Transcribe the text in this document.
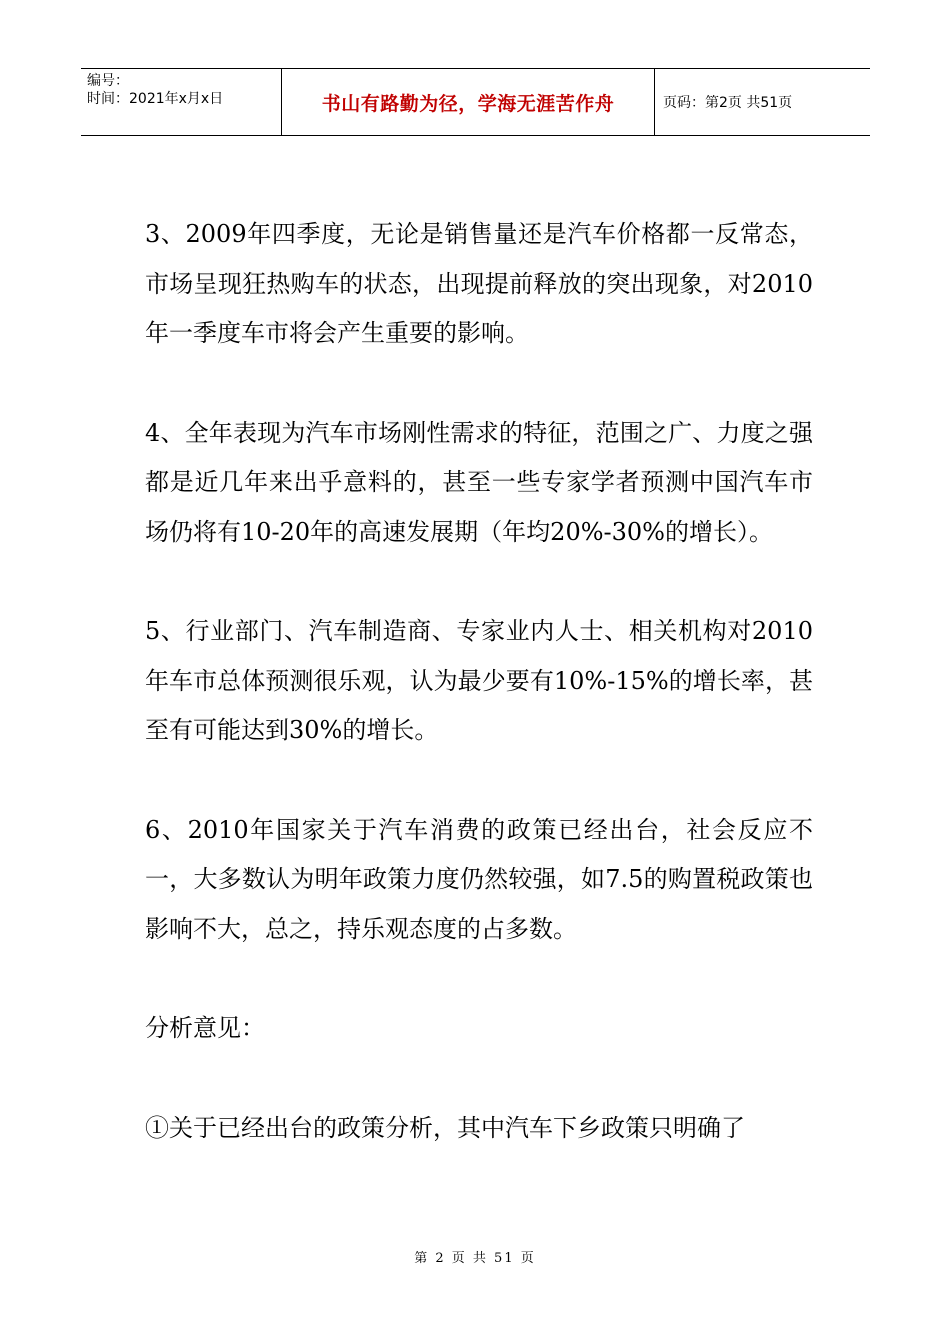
编号：
时间：2021年x月x日	书山有路勤为径，学海无涯苦作舟	页码：第2页 共51页

3、2009年四季度，无论是销售量还是汽车价格都一反常态，市场呈现狂热购车的状态，出现提前释放的突出现象，对2010年一季度车市将会产生重要的影响。

4、全年表现为汽车市场刚性需求的特征，范围之广、力度之强都是近几年来出乎意料的，甚至一些专家学者预测中国汽车市场仍将有10-20年的高速发展期（年均20%-30%的增长）。

5、行业部门、汽车制造商、专家业内人士、相关机构对2010年车市总体预测很乐观，认为最少要有10%-15%的增长率，甚至有可能达到30%的增长。

6、2010年国家关于汽车消费的政策已经出台，社会反应不一，大多数认为明年政策力度仍然较强，如7.5的购置税政策也影响不大，总之，持乐观态度的占多数。

分析意见：

①关于已经出台的政策分析，其中汽车下乡政策只明确了

第 2 页 共 51 页
